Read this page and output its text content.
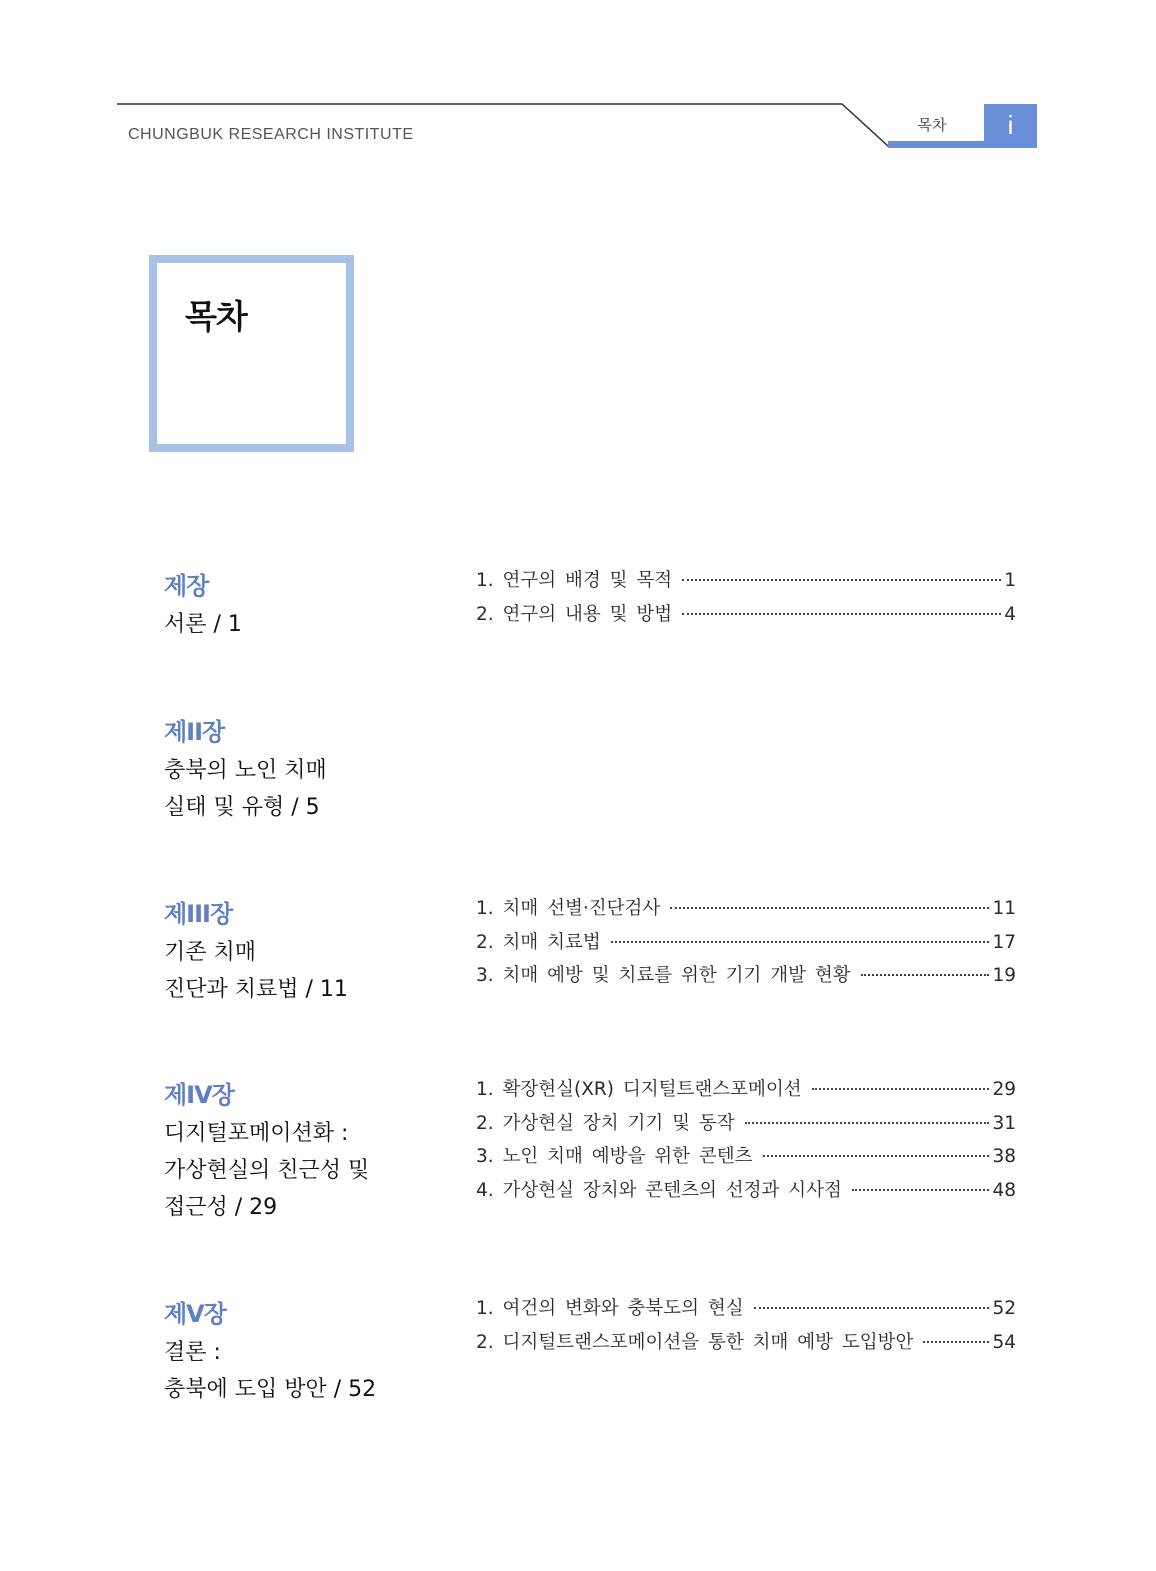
CHUNGBUK RESEARCH INSTITUTE
목차	i
목차
제장
서론 / 1
1. 연구의 배경 및 목적	1
2. 연구의 내용 및 방법	4
제II장
충북의 노인 치매
실태 및 유형 / 5
제III장
기존 치매
진단과 치료법 / 11
1. 치매 선별·진단검사	11
2. 치매 치료법	17
3. 치매 예방 및 치료를 위한 기기 개발 현황	19
제IV장
디지털포메이션화 :
가상현실의 친근성 및
접근성 / 29
1. 확장현실(XR) 디지털트랜스포메이션	29
2. 가상현실 장치 기기 및 동작	31
3. 노인 치매 예방을 위한 콘텐츠	38
4. 가상현실 장치와 콘텐츠의 선정과 시사점	48
제V장
결론 :
충북에 도입 방안 / 52
1. 여건의 변화와 충북도의 현실	52
2. 디지털트랜스포메이션을 통한 치매 예방 도입방안	54
